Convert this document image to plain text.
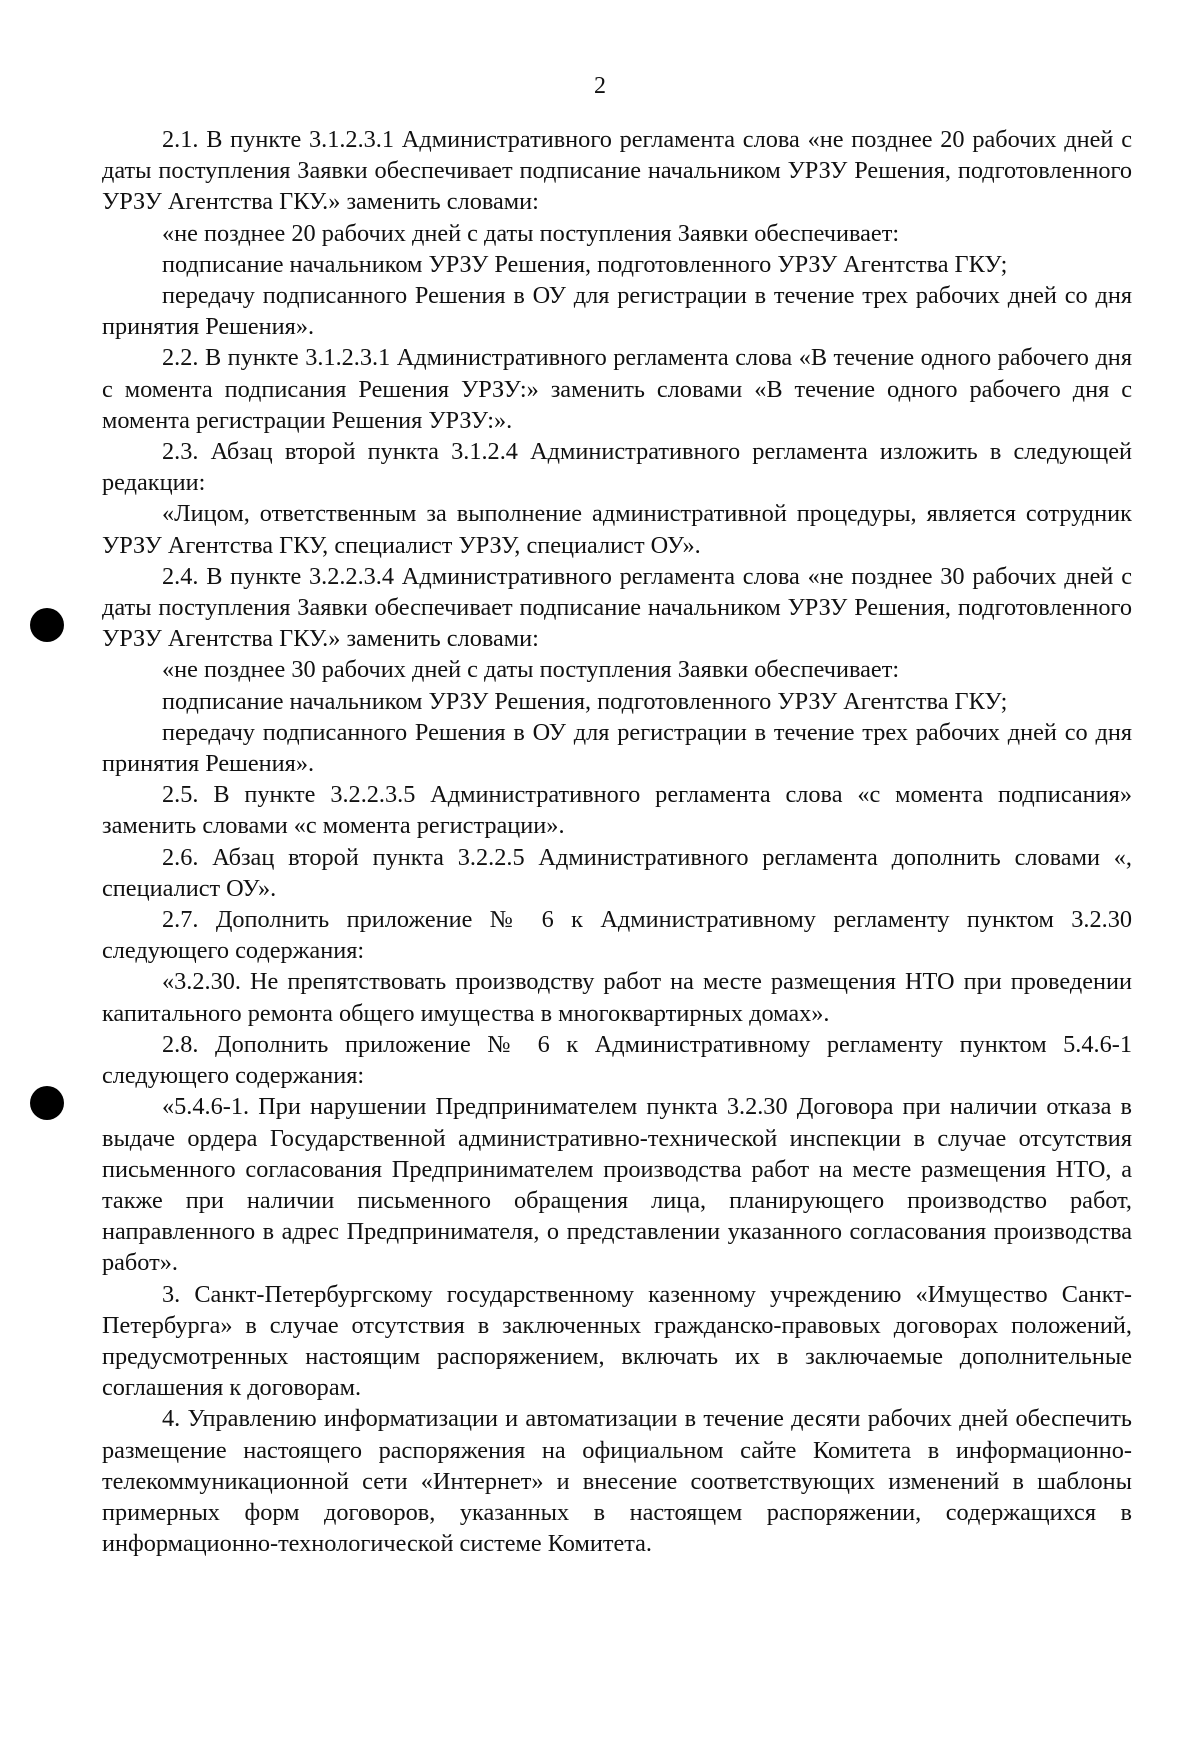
2

2.1. В пункте 3.1.2.3.1 Административного регламента слова «не позднее 20 рабочих дней с даты поступления Заявки обеспечивает подписание начальником УРЗУ Решения, подготовленного УРЗУ Агентства ГКУ.» заменить словами:

«не позднее 20 рабочих дней с даты поступления Заявки обеспечивает:

подписание начальником УРЗУ Решения, подготовленного УРЗУ Агентства ГКУ;

передачу подписанного Решения в ОУ для регистрации в течение трех рабочих дней со дня принятия Решения».

2.2. В пункте 3.1.2.3.1 Административного регламента слова «В течение одного рабочего дня с момента подписания Решения УРЗУ:» заменить словами «В течение одного рабочего дня с момента регистрации Решения УРЗУ:».

2.3. Абзац второй пункта 3.1.2.4 Административного регламента изложить в следующей редакции:

«Лицом, ответственным за выполнение административной процедуры, является сотрудник УРЗУ Агентства ГКУ, специалист УРЗУ, специалист ОУ».

2.4. В пункте 3.2.2.3.4 Административного регламента слова «не позднее 30 рабочих дней с даты поступления Заявки обеспечивает подписание начальником УРЗУ Решения, подготовленного УРЗУ Агентства ГКУ.» заменить словами:

«не позднее 30 рабочих дней с даты поступления Заявки обеспечивает:

подписание начальником УРЗУ Решения, подготовленного УРЗУ Агентства ГКУ;

передачу подписанного Решения в ОУ для регистрации в течение трех рабочих дней со дня принятия Решения».

2.5. В пункте 3.2.2.3.5 Административного регламента слова «с момента подписания» заменить словами «с момента регистрации».

2.6. Абзац второй пункта 3.2.2.5 Административного регламента дополнить словами «, специалист ОУ».

2.7. Дополнить приложение № 6 к Административному регламенту пунктом 3.2.30 следующего содержания:

«3.2.30. Не препятствовать производству работ на месте размещения НТО при проведении капитального ремонта общего имущества в многоквартирных домах».

2.8. Дополнить приложение № 6 к Административному регламенту пунктом 5.4.6-1 следующего содержания:

«5.4.6-1. При нарушении Предпринимателем пункта 3.2.30 Договора при наличии отказа в выдаче ордера Государственной административно-технической инспекции в случае отсутствия письменного согласования Предпринимателем производства работ на месте размещения НТО, а также при наличии письменного обращения лица, планирующего производство работ, направленного в адрес Предпринимателя, о представлении указанного согласования производства работ».

3. Санкт-Петербургскому государственному казенному учреждению «Имущество Санкт-Петербурга» в случае отсутствия в заключенных гражданско-правовых договорах положений, предусмотренных настоящим распоряжением, включать их в заключаемые дополнительные соглашения к договорам.

4. Управлению информатизации и автоматизации в течение десяти рабочих дней обеспечить размещение настоящего распоряжения на официальном сайте Комитета в информационно-телекоммуникационной сети «Интернет» и внесение соответствующих изменений в шаблоны примерных форм договоров, указанных в настоящем распоряжении, содержащихся в информационно-технологической системе Комитета.
